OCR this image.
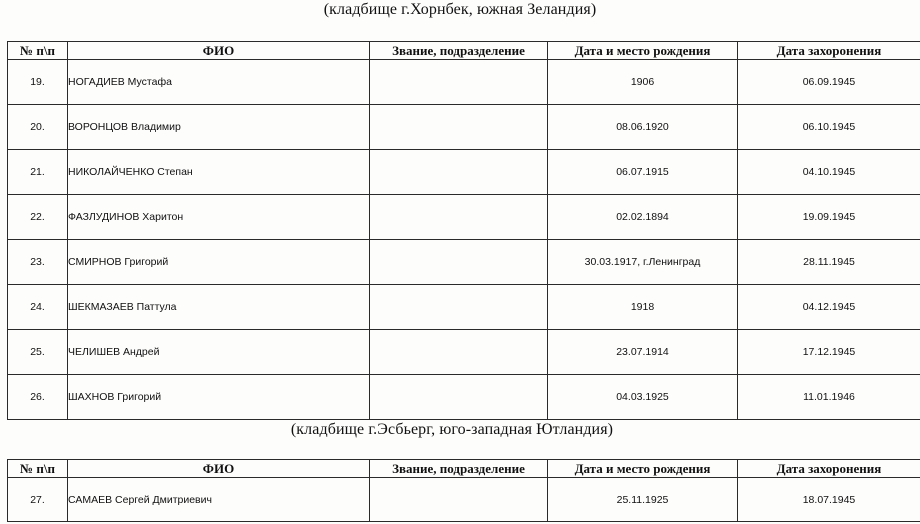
(кладбище г.Хорнбек, южная Зеландия)
№ п\п	ФИО	Звание, подразделение	Дата и место рождения	Дата захоронения
19.	НОГАДИЕВ Мустафа		1906	06.09.1945
20.	ВОРОНЦОВ Владимир		08.06.1920	06.10.1945
21.	НИКОЛАЙЧЕНКО Степан		06.07.1915	04.10.1945
22.	ФАЗЛУДИНОВ Харитон		02.02.1894	19.09.1945
23.	СМИРНОВ Григорий		30.03.1917, г.Ленинград	28.11.1945
24.	ШЕКМАЗАЕВ Паттула		1918	04.12.1945
25.	ЧЕЛИШЕВ Андрей		23.07.1914	17.12.1945
26.	ШАХНОВ Григорий		04.03.1925	11.01.1946
(кладбище г.Эсбьерг, юго-западная Ютландия)
№ п\п	ФИО	Звание, подразделение	Дата и место рождения	Дата захоронения
27.	САМАЕВ Сергей Дмитриевич		25.11.1925	18.07.1945
